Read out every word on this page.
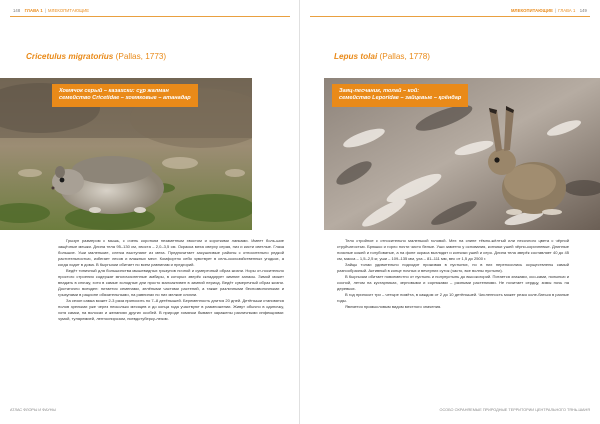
148 ГЛАВА 1 | МЛЕКОПИТАЮЩИЕ
Cricetulus migratorius (Pallas, 1773)
Хомячок серый – казахски: сұр жалман
семейство Cricetidae – хомяковые – атанадар

Грызун размером с мышь, с очень коротким незаметным хвостом и короткими лапками. Имеет боль-шие защёчные мешки. Длина тела 95–130 см, хвоста – 2,0–3,5 см. Окраска меха сверху серая, низ и кисти светлые. Глаза большие. Уши маленькие, слегка выступают из меха. Предпочитает засушливые районы с относительно редкой растительностью, избегает лесов и влажных мест. Комфортно себя чувствует в сель-скохозяйственных угодьях, а когда ходит в дома. В Кыргызии обитает по всем равнинам и предгорий.

Ведёт типичный для большинства мышевидных грызунов ночной и сумеречный образ жизни. Норы от-носительно простого строения содержат многочисленные амбары, в которых зверёк складирует зимние запасы. Зимой может впадать в спячку, хотя в самые холодные дни просто малоактивен в зимний период. Ведёт сумеречный образ жизни. Достаточно всеяден: питается семенами, зелёными частями растений, а также различными беспозвоночными и грызунами в рационе обязательными, на равнинах по них мелкие слизни.

За сезон самка может 2-3 раза приносить по 7–8 детёнышей. Беременность длится 20 дней. Детёныши становятся полов зрелыми уже через несколько месяцев и до конца года участвуют в размножении. Живут обычно в одиночку, хотя самки, на волосах и желаниях других особей. В природе хомячки бывают заражены различными инфекциями: чумой, туляремией, лептоспирозом, псевдотуберку-лезом.

АТЛАС ФЛОРЫ И ФАУНЫ
МЛЕКОПИТАЮЩИЕ | ГЛАВА 1 149
Lepus tolai (Pallas, 1778)
Заяц-песчаник, толай – кой:
семейство Leporidae – зайцевые – қоёндар

Тело стройное с относительно маленькой головой. Мех на спине тёмно-жёлтый или песочного цвета с чёрной струйчатостью. Брюшко и горло почти чисто белые. Уши заметно у основания, кончики ушей чёрно-коричневые. Длинные поясные кожей и голубоватые, а на фоне окраса выглядят и кончики ушей и серо. Длина тела зверёк составляет 40 до 45 см, масса – 1,5–2,5 кг, уши – 109–135 мм, уха – 81–111 мм, вес от 1,5 до 2500 г.

Зайцы толаи удивительно подходят проживая в пустынях, но в них переносились осуществлены самый разнообразный. Активный в конце ночных и вечерних суток (часто, все волны пустыни).

В Кыргызии обитает повсеместно от пустынь и полупустынь до высокогорий. Питается злаками, осо-ками, полынью и сосной, летом на кустарниках, зерновыми и сорняками – разными растениями. Не почитает сердцу, зимы ночь на деревьях.

В год приносит три – четыре помёта, в каждом от 2 до 10 детёнышей. Численность может резко коле-баться в разные годы.

Является промысловым видом местного значения.

ОСОБО ОХРАНЯЕМЫЕ ПРИРОДНЫЕ ТЕРРИТОРИИ ЦЕНТРАЛЬНОГО ТЯНЬ-ШАНЯ
